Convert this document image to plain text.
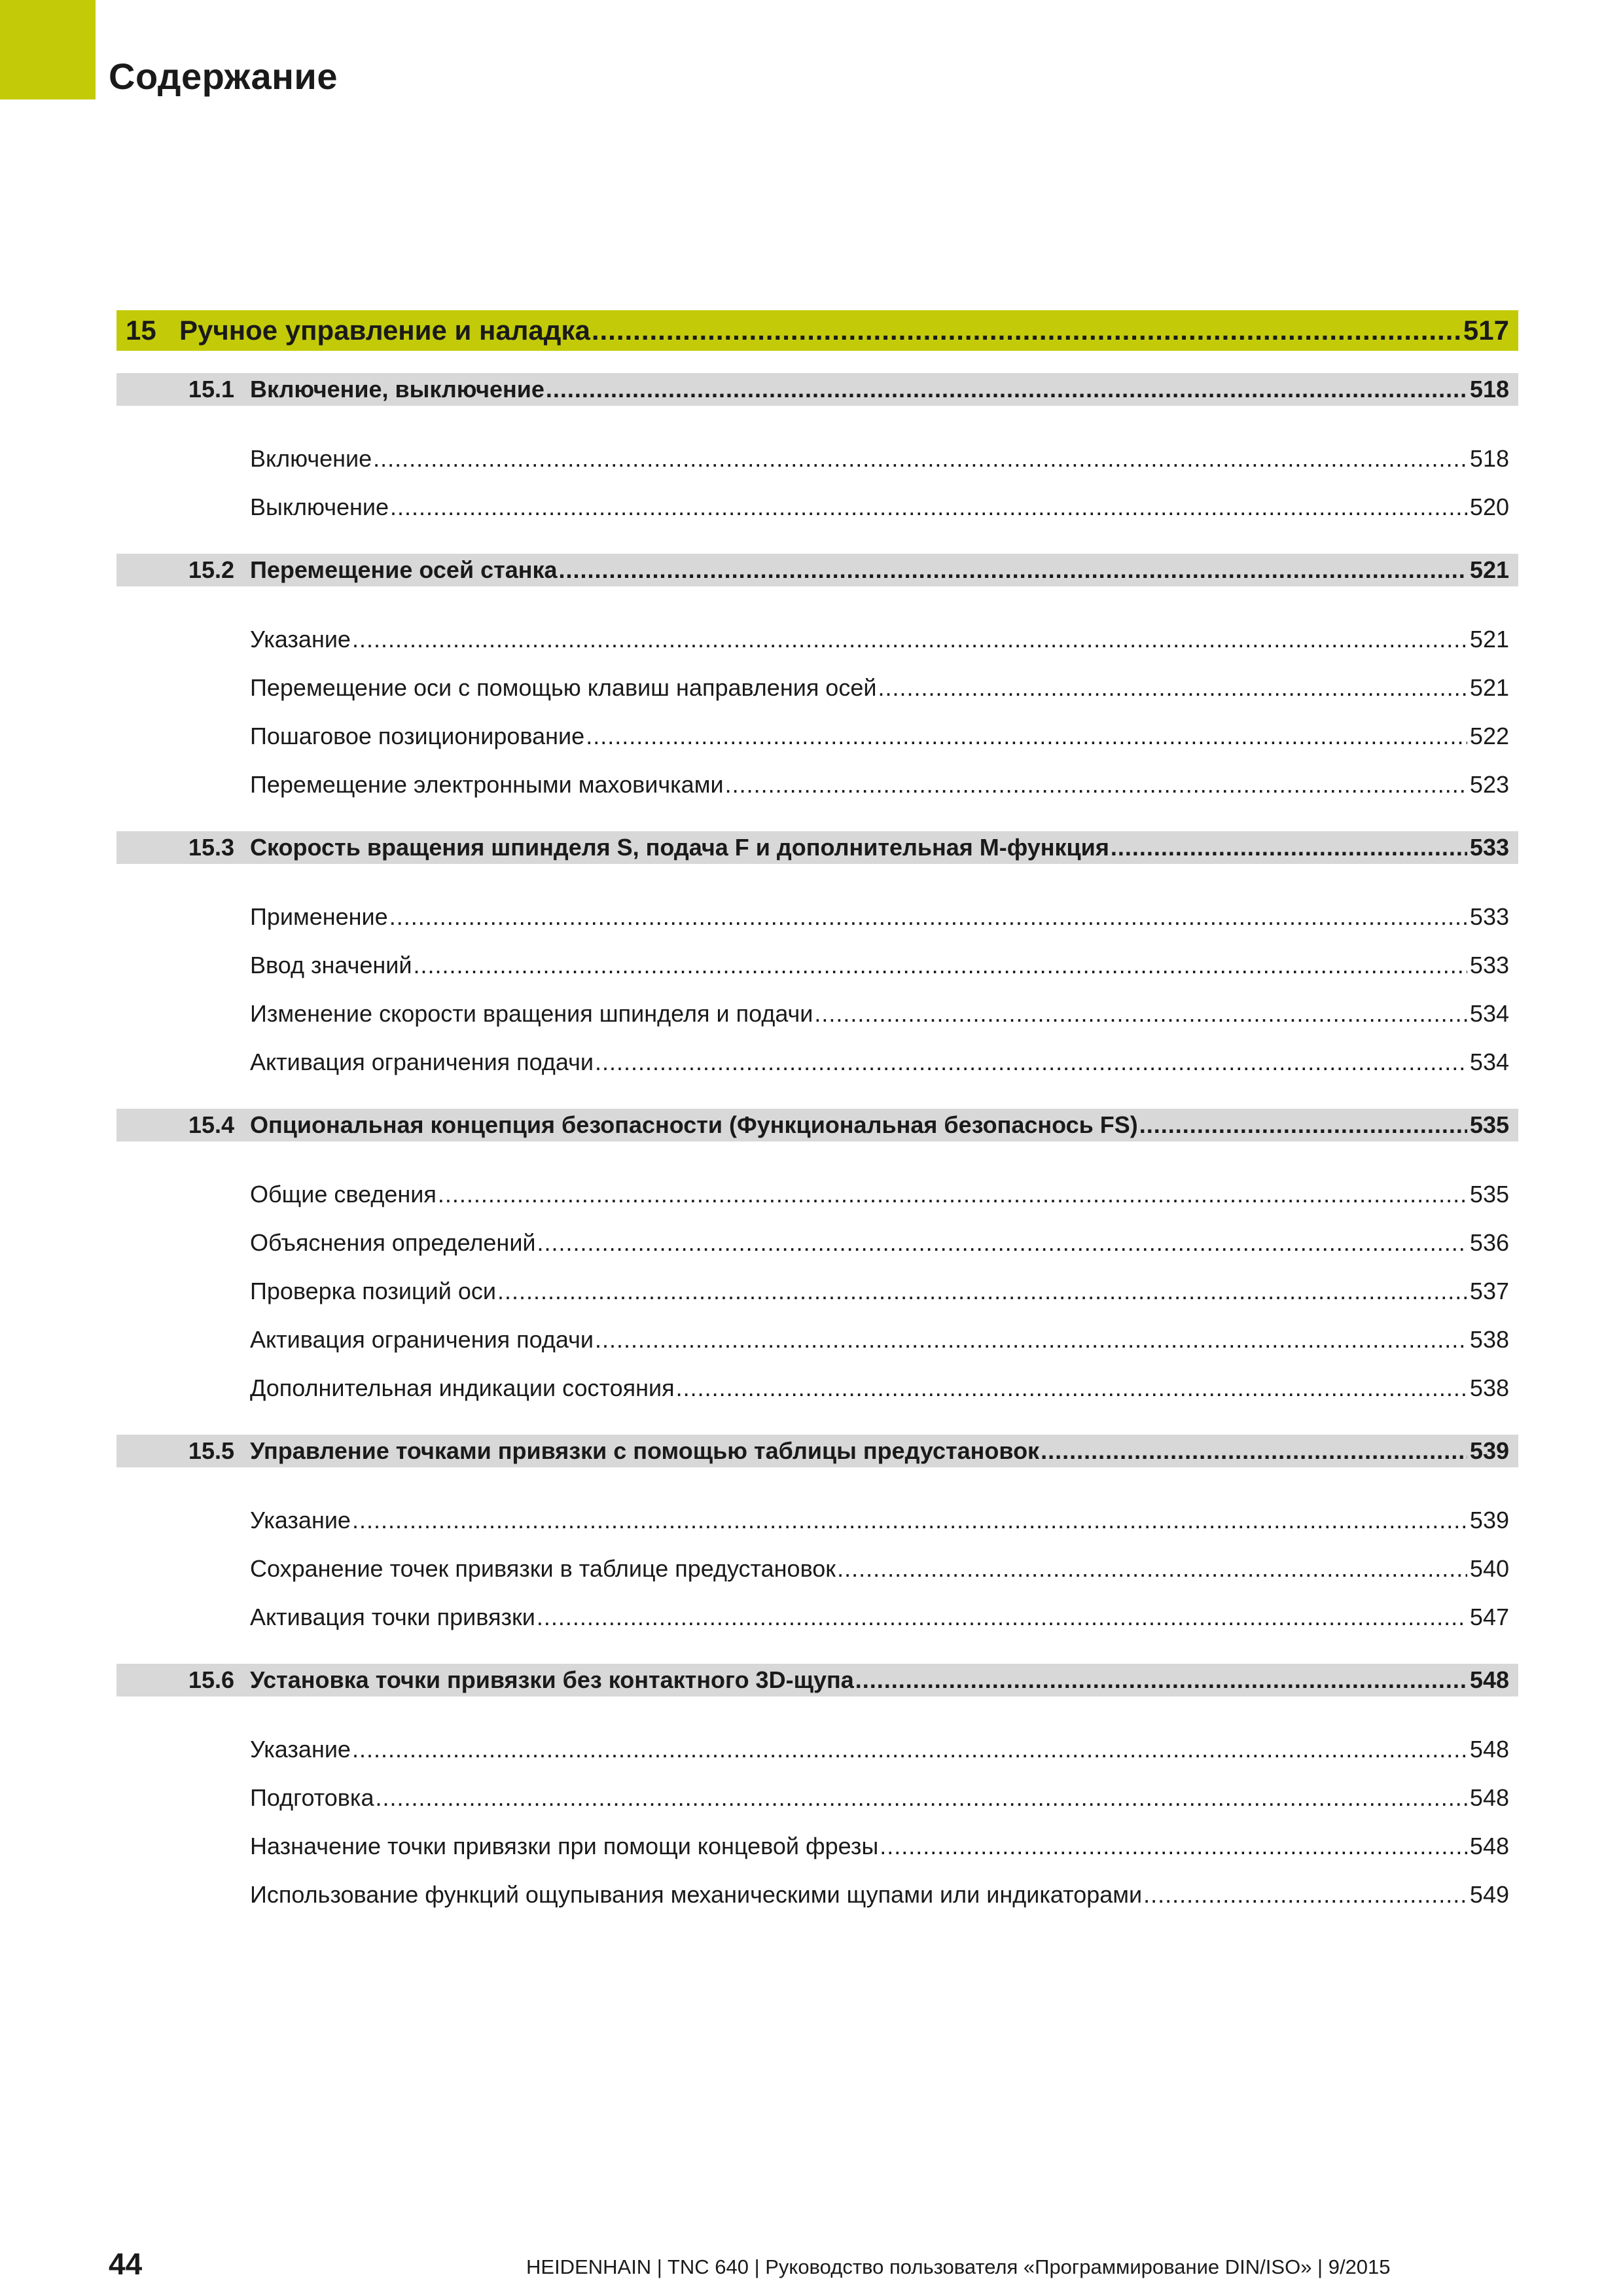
Содержание
15 Ручное управление и наладка .....	517
15.1 Включение, выключение .....	518
Включение .....	518
Выключение .....	520
15.2 Перемещение осей станка .....	521
Указание .....	521
Перемещение оси с помощью клавиш направления осей .....	521
Пошаговое позиционирование .....	522
Перемещение электронными маховичками .....	523
15.3 Скорость вращения шпинделя S, подача F и дополнительная M-функция .....	533
Применение .....	533
Ввод значений .....	533
Изменение скорости вращения шпинделя и подачи .....	534
Активация ограничения подачи .....	534
15.4 Опциональная концепция безопасности (Функциональная безопаснось FS) .....	535
Общие сведения .....	535
Объяснения определений .....	536
Проверка позиций оси .....	537
Активация ограничения подачи .....	538
Дополнительная индикации состояния .....	538
15.5 Управление точками привязки с помощью таблицы предустановок .....	539
Указание .....	539
Сохранение точек привязки в таблице предустановок .....	540
Активация точки привязки .....	547
15.6 Установка точки привязки без контактного 3D-щупа .....	548
Указание .....	548
Подготовка .....	548
Назначение точки привязки при помощи концевой фрезы .....	548
Использование функций ощупывания механическими щупами или индикаторами .....	549
44	HEIDENHAIN | TNC 640 | Руководство пользователя «Программирование DIN/ISO» | 9/2015
